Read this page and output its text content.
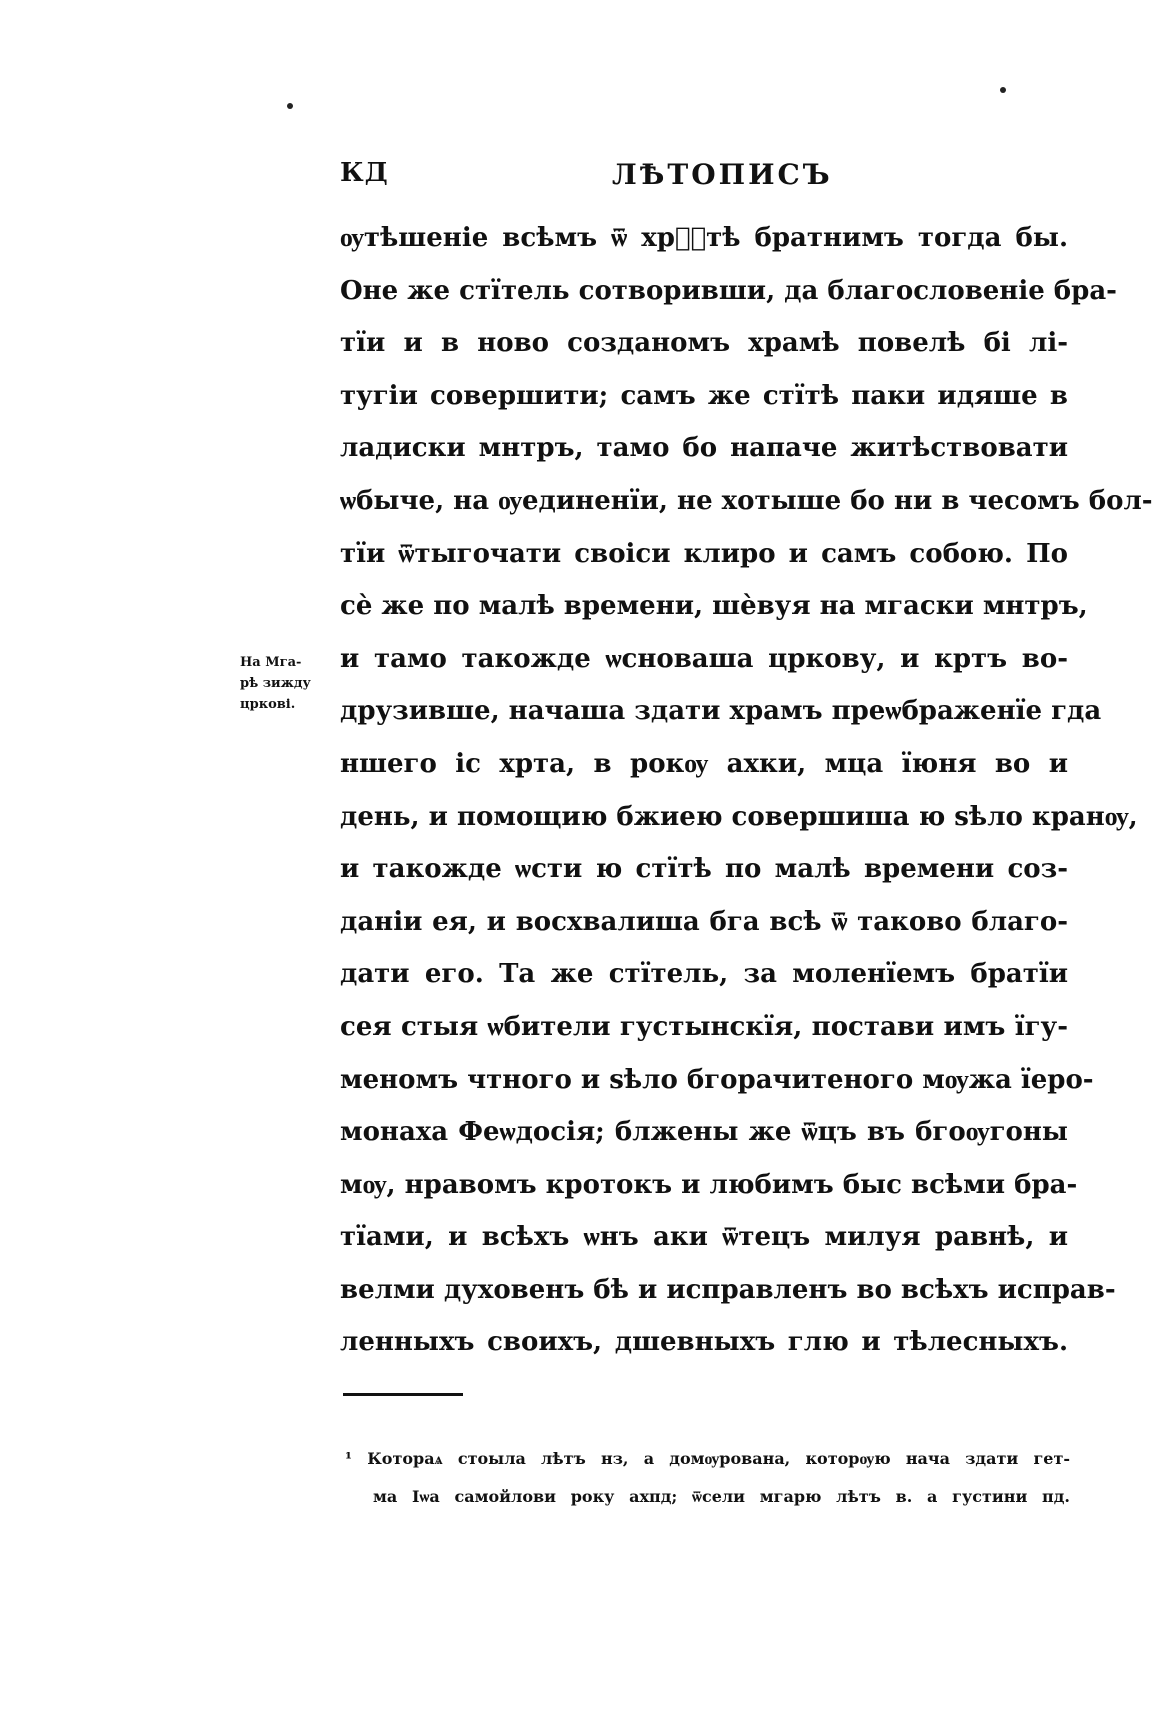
КД	ЛѢТОПИСЪ
ѹтѣшеніе всѣмъ ѿ хрⷭ҇тѣ братнимъ тогда бы.
Оне же стїтель сотворивши, да благословеніе бра-
тїи и в ново созданомъ храмѣ повелѣ бі лі-
тугіи совершити; самъ же стїтѣ паки идяше в
ладиски мнтръ, тамо бо напаче житѣствовати
ѡбыче, на ѹединенїи, не хотыше бо ни в чесомъ бол-
тїи ѿтыгочати своіси клиро и самъ собою. По
сѐ же по малѣ времени, шѐвуя на мгаски мнтръ,
и тамо такожде ѡсноваша цркову, и кртъ во-
друзивше, начаша здати храмъ преѡбраженїе гда
ншего іс хрта, в рокѹ ахки, мца їюня во и
день, и помощию бжиею совершиша ю ѕѣло кранѹ,
и такожде ѡсти ю стїтѣ по малѣ времени соз-
даніи ея, и восхвалиша бга всѣ ѿ таково благо-
дати его. Та же стїтель, за моленїемъ братїи
сея стыя ѡбители густынскїя, постави имъ їгу-
меномъ чтного и ѕѣло бгорачитеного мѹжа їеро-
монаха Феѡдосія; блжены же ѿцъ въ бгоѹгоны
мѹ, нравомъ кротокъ и любимъ быс всѣми бра-
тїами, и всѣхъ ѡнъ аки ѿтецъ милуя равнѣ, и
велми духовенъ бѣ и исправленъ во всѣхъ исправ-
ленныхъ своихъ, дшевныхъ глю и тѣлесныхъ.
На Мга-
рѣ зижду
цркові.
¹ Котораѧ стоыла лѣтъ нз, а домѹрована, которѹю нача здати гет-
ма Іѡа самойлови року ахпд; ѿсели мгарю лѣтъ в. а густини пд.
